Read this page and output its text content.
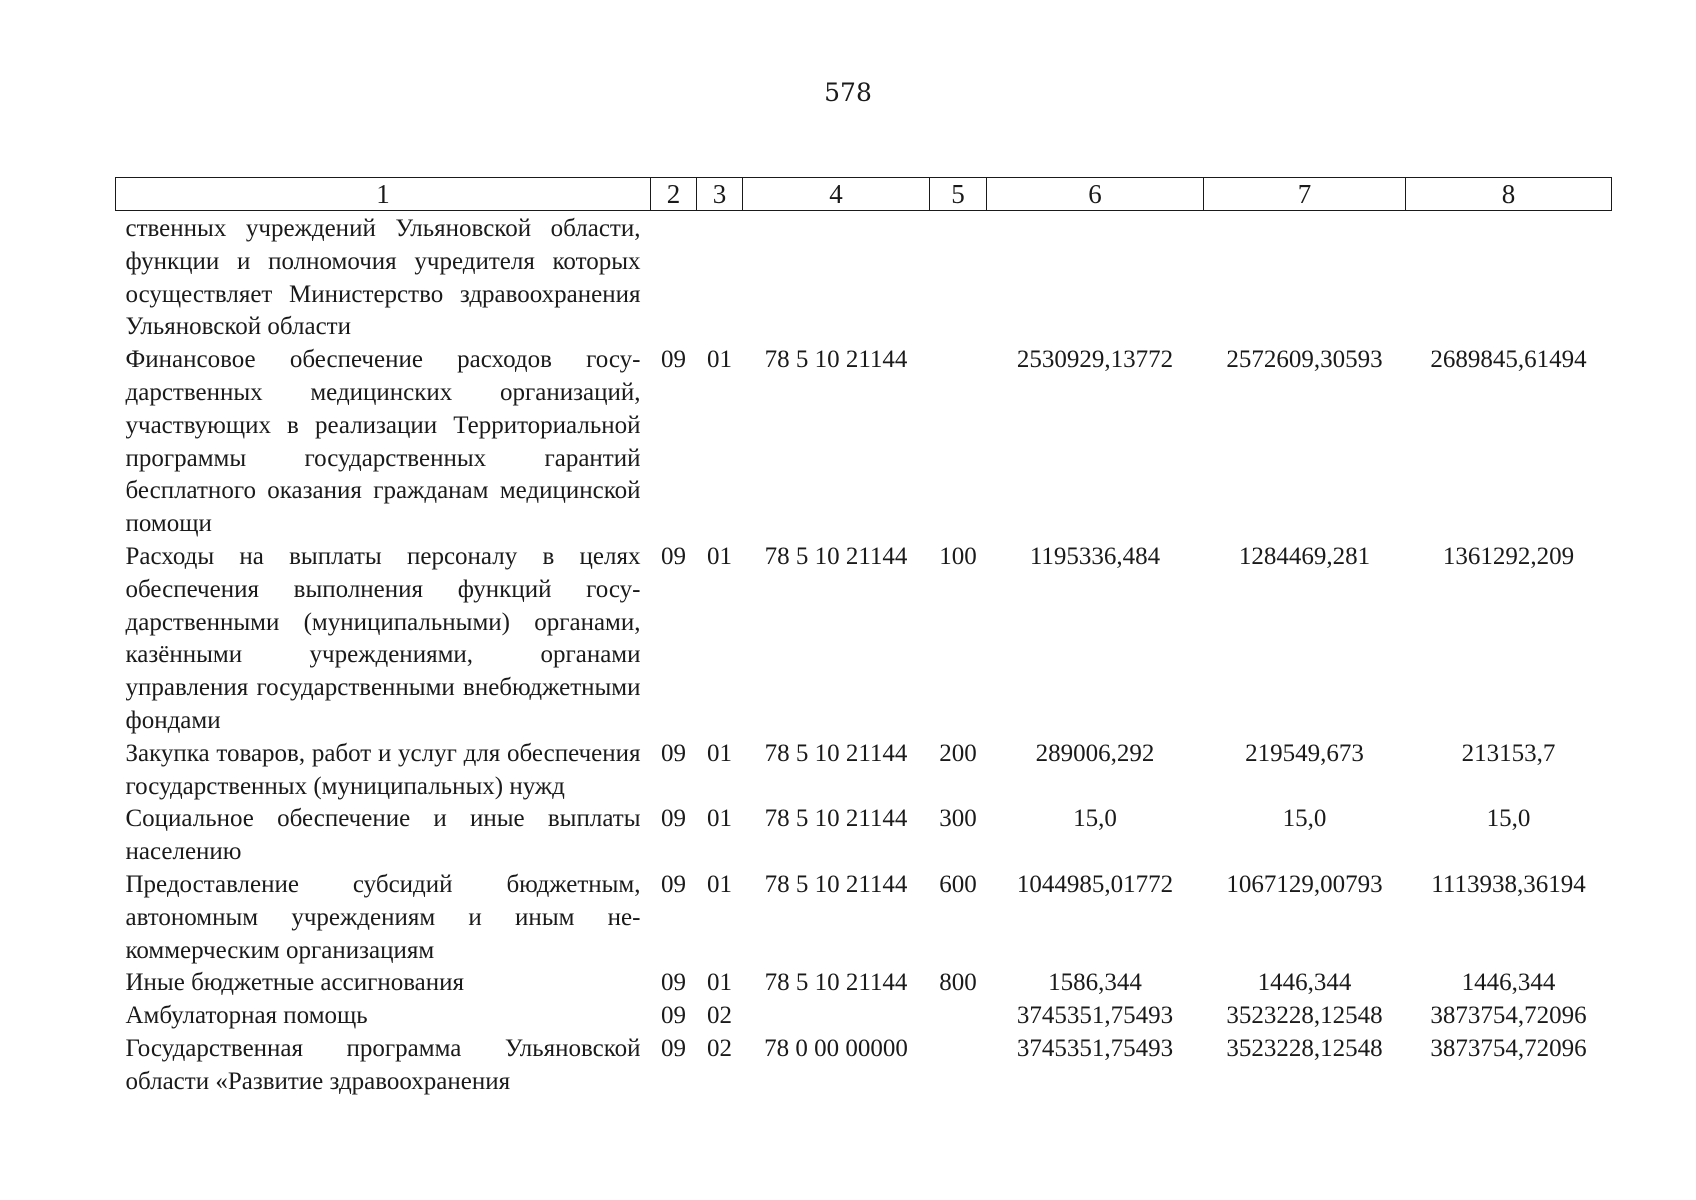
578
1	2	3	4	5	6	7	8
ственных учреждений Ульяновской области, функции и полномочия учредителя которых осуществляет Министерство здравоохранения Ульяновской области							
Финансовое обеспечение расходов государственных медицинских организаций, участвующих в реализации Территориальной программы государственных гарантий бесплатного оказания гражданам медицинской помощи	09	01	78 5 10 21144		2530929,13772	2572609,30593	2689845,61494
Расходы на выплаты персоналу в целях обеспечения выполнения функций государственными (муниципальными) органами, казёнными учреждениями, органами управления государственными внебюджетными фондами	09	01	78 5 10 21144	100	1195336,484	1284469,281	1361292,209
Закупка товаров, работ и услуг для обеспечения государственных (муниципальных) нужд	09	01	78 5 10 21144	200	289006,292	219549,673	213153,7
Социальное обеспечение и иные выплаты населению	09	01	78 5 10 21144	300	15,0	15,0	15,0
Предоставление субсидий бюджетным, автономным учреждениям и иным некоммерческим организациям	09	01	78 5 10 21144	600	1044985,01772	1067129,00793	1113938,36194
Иные бюджетные ассигнования	09	01	78 5 10 21144	800	1586,344	1446,344	1446,344
Амбулаторная помощь	09	02			3745351,75493	3523228,12548	3873754,72096
Государственная программа Ульяновской области «Развитие здравоохранения	09	02	78 0 00 00000		3745351,75493	3523228,12548	3873754,72096
